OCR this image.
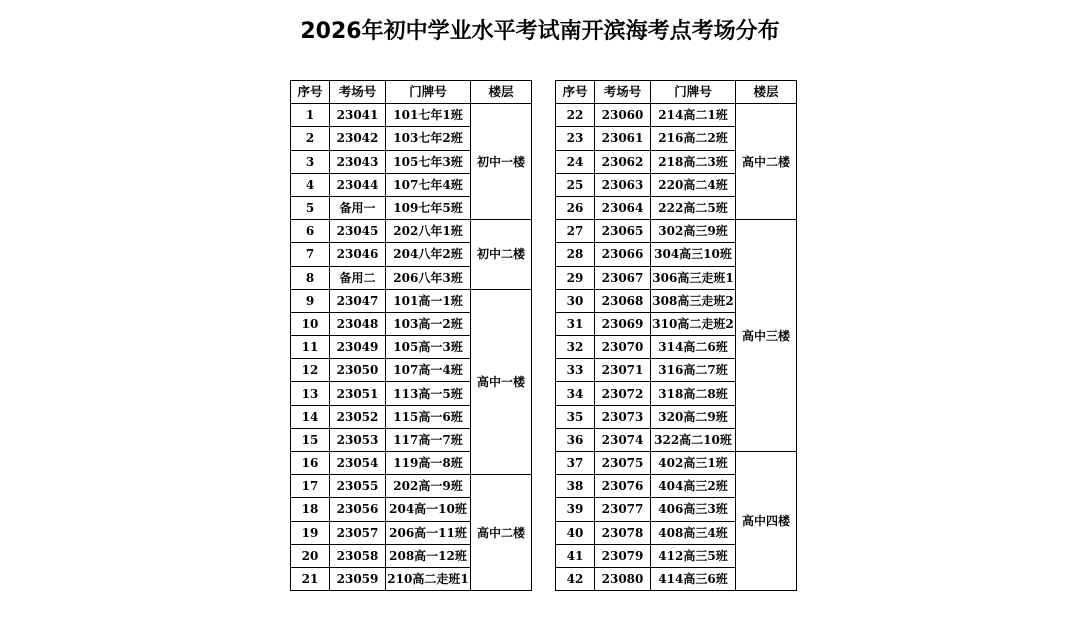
2026年初中学业水平考试南开滨海考点考场分布
序号	考场号	门牌号	楼层
1	23041	101七年1班	初中一楼
2	23042	103七年2班	
3	23043	105七年3班	
4	23044	107七年4班	
5	备用一	109七年5班	
6	23045	202八年1班	初中二楼
7	23046	204八年2班	
8	备用二	206八年3班	
9	23047	101高一1班	高中一楼
10	23048	103高一2班	
11	23049	105高一3班	
12	23050	107高一4班	
13	23051	113高一5班	
14	23052	115高一6班	
15	23053	117高一7班	
16	23054	119高一8班	
17	23055	202高一9班	高中二楼
18	23056	204高一10班	
19	23057	206高一11班	
20	23058	208高一12班	
21	23059	210高二走班1	
序号	考场号	门牌号	楼层
22	23060	214高二1班	高中二楼
23	23061	216高二2班	
24	23062	218高二3班	
25	23063	220高二4班	
26	23064	222高二5班	
27	23065	302高三9班	高中三楼
28	23066	304高三10班	
29	23067	306高三走班1	
30	23068	308高三走班2	
31	23069	310高二走班2	
32	23070	314高二6班	
33	23071	316高二7班	
34	23072	318高二8班	
35	23073	320高二9班	
36	23074	322高二10班	
37	23075	402高三1班	高中四楼
38	23076	404高三2班	
39	23077	406高三3班	
40	23078	408高三4班	
41	23079	412高三5班	
42	23080	414高三6班	
